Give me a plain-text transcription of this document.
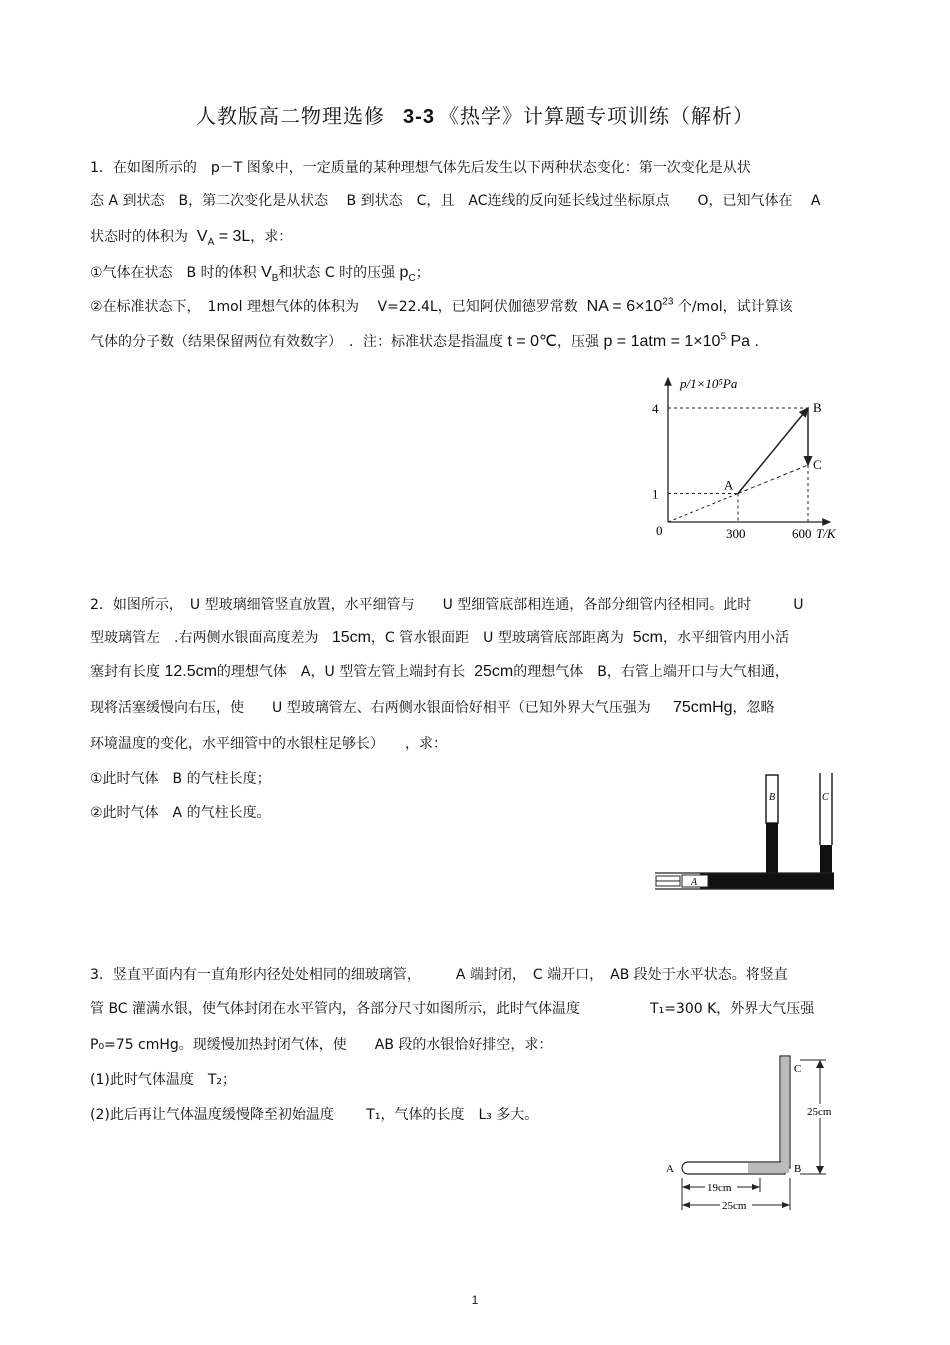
人教版高二物理选修 3-3 《热学》计算题专项训练（解析）
1．在如图所示的　p－T 图象中，一定质量的某种理想气体先后发生以下两种状态变化：第一次变化是从状
态 A 到状态　B，第二次变化是从状态　 B 到状态　C，且　AC连线的反向延长线过坐标原点　　O，已知气体在　 A
状态时的体积为 $V_A = 3L$，求：
①气体在状态　B 时的体积 $V_B$和状态 C 时的压强 $p_C$；
②在标准状态下，　1mol 理想气体的体积为　 V=22.4L，已知阿伏伽德罗常数 NA = $6\times 10^{23}$ 个/mol，试计算该
气体的分子数（结果保留两位有效数字）　．注：标准状态是指温度 t = 0℃，压强 $p = 1atm = 1\times 10^5$ Pa .
p/1×10⁵Pa
T/K
0
A
B
C
1
4
300	600
2．如图所示，　U 型玻璃细管竖直放置，水平细管与　　U 型细管底部相连通，各部分细管内径相同。此时　　　U
型玻璃管左　.右两侧水银面高度差为 15cm，C 管水银面距　U 型玻璃管底部距离为 5cm，水平细管内用小活
塞封有长度 12.5cm的理想气体　A，U 型管左管上端封有长 25cm的理想气体　B，右管上端开口与大气相通，
现将活塞缓慢向右压，使　　U 型玻璃管左、右两侧水银面恰好相平（已知外界大气压强为 75cmHg，忽略
环境温度的变化，水平细管中的水银柱足够长）　　，求：
①此时气体　B 的气柱长度；
②此时气体　A 的气柱长度。
B	C
A
3．竖直平面内有一直角形内径处处相同的细玻璃管，　　　A 端封闭，　C 端开口，　AB 段处于水平状态。将竖直
管 BC 灌满水银，使气体封闭在水平管内，各部分尺寸如图所示，此时气体温度　　　　　T₁=300 K，外界大气压强
P₀=75 cmHg。现缓慢加热封闭气体，使　　AB 段的水银恰好排空，求：
(1)此时气体温度　T₂；
(2)此后再让气体温度缓慢降至初始温度　　 T₁，气体的长度　L₃ 多大。
A	B
C
25cm
19cm
25cm
1
